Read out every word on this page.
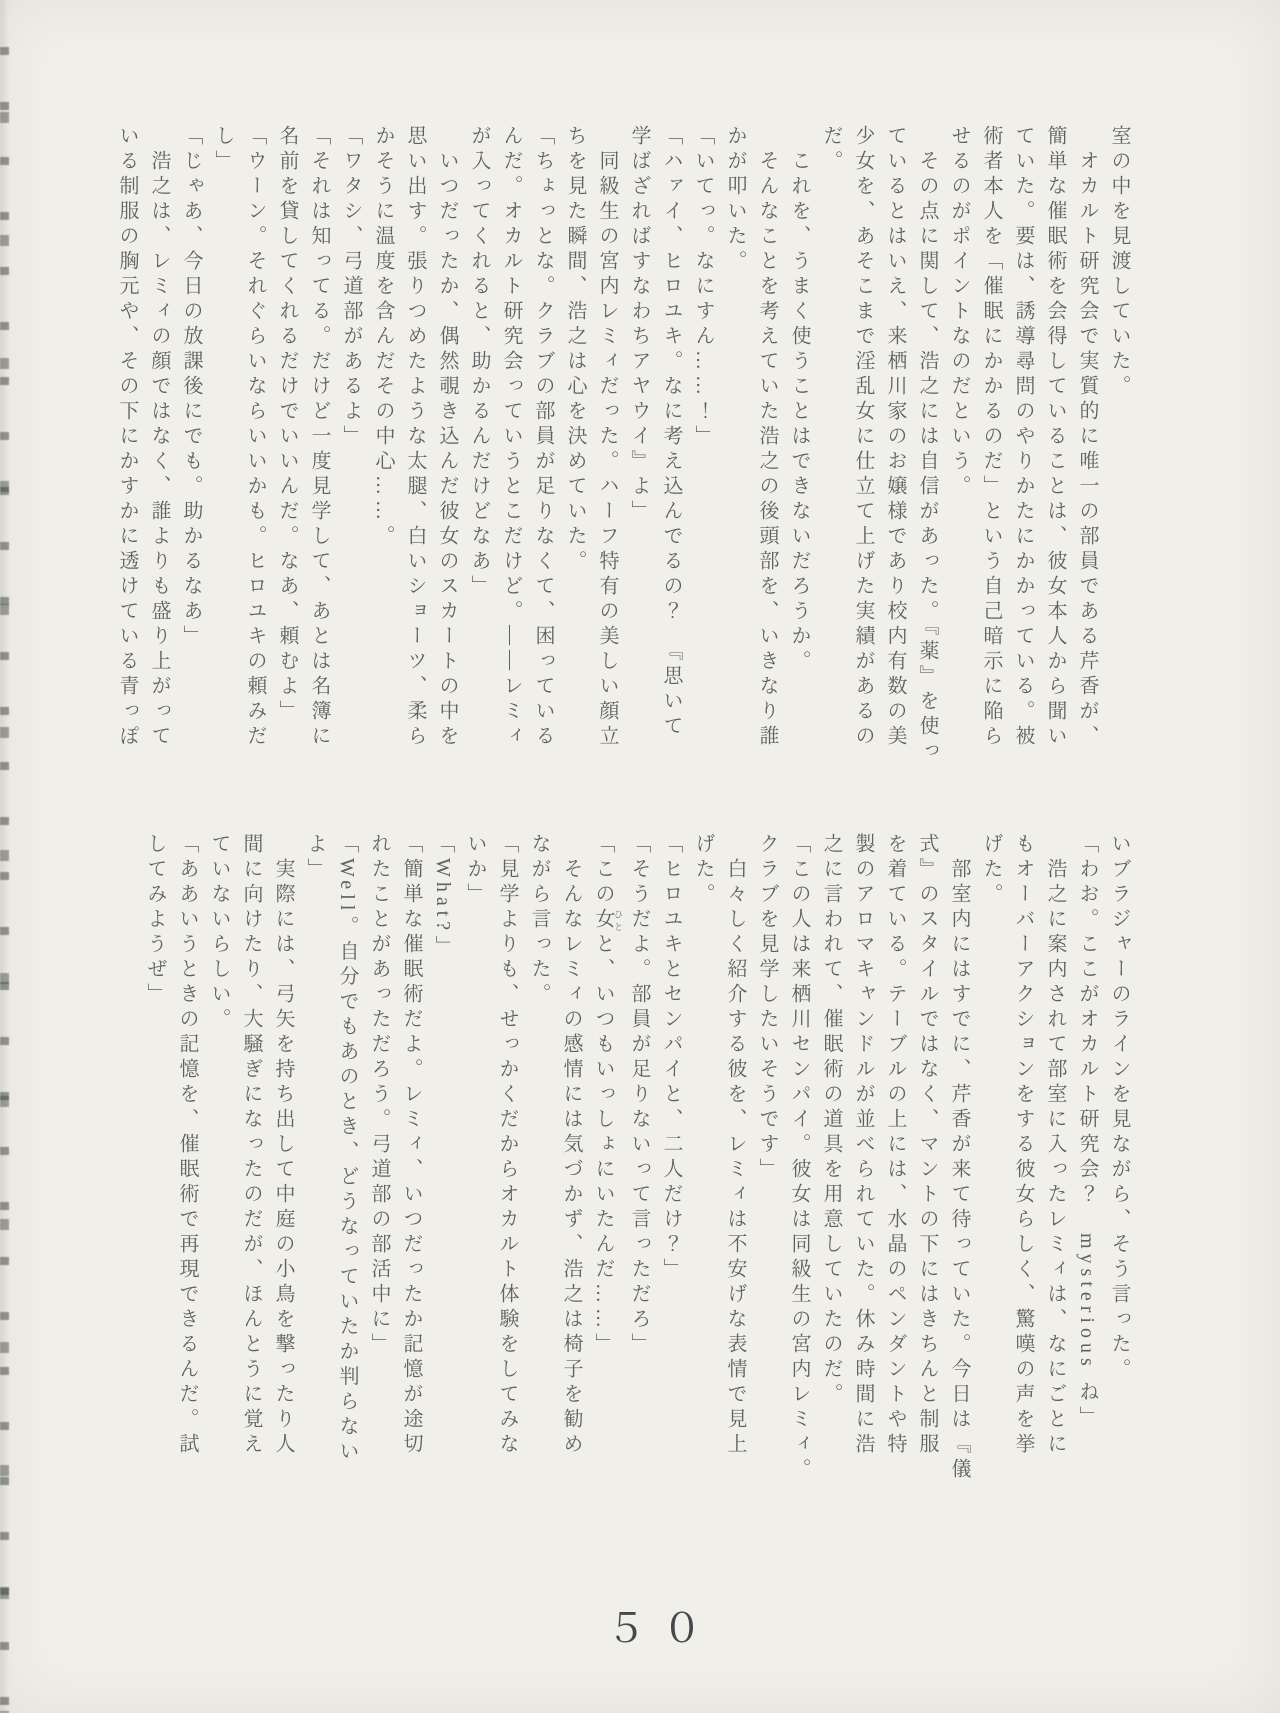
室の中を見渡していた。
　オカルト研究会で実質的に唯一の部員である芹香が、
簡単な催眠術を会得していることは、彼女本人から聞い
ていた。要は、誘導尋問のやりかたにかかっている。被
術者本人を「催眠にかかるのだ」という自己暗示に陥ら
せるのがポイントなのだという。
　その点に関して、浩之には自信があった。『薬』を使っ
ているとはいえ、来栖川家のお嬢様であり校内有数の美
少女を、あそこまで淫乱女に仕立て上げた実績があるの
だ。
　これを、うまく使うことはできないだろうか。
　そんなことを考えていた浩之の後頭部を、いきなり誰
かが叩いた。
「いてっ。なにすん……！」
「ハァイ、ヒロユキ。なに考え込んでるの？　『思いて
学ばざればすなわちアヤウイ』よ」
　同級生の宮内レミィだった。ハーフ特有の美しい顔立
ちを見た瞬間、浩之は心を決めていた。
「ちょっとな。クラブの部員が足りなくて、困っている
んだ。オカルト研究会っていうとこだけど。――レミィ
が入ってくれると、助かるんだけどなあ」
　いつだったか、偶然覗き込んだ彼女のスカートの中を
思い出す。張りつめたような太腿、白いショーツ、柔ら
かそうに温度を含んだその中心……。
「ワタシ、弓道部があるよ」
「それは知ってる。だけど一度見学して、あとは名簿に
名前を貸してくれるだけでいいんだ。なあ、頼むよ」
「ウーン。それぐらいならいいかも。ヒロユキの頼みだ
し」
「じゃあ、今日の放課後にでも。助かるなあ」
　浩之は、レミィの顔ではなく、誰よりも盛り上がって
いる制服の胸元や、その下にかすかに透けている青っぽ
いブラジャーのラインを見ながら、そう言った。
「わお。ここがオカルト研究会？　mysterious ね」
　浩之に案内されて部室に入ったレミィは、なにごとに
もオーバーアクションをする彼女らしく、驚嘆の声を挙
げた。
　部室内にはすでに、芹香が来て待っていた。今日は『儀
式』のスタイルではなく、マントの下にはきちんと制服
を着ている。テーブルの上には、水晶のペンダントや特
製のアロマキャンドルが並べられていた。休み時間に浩
之に言われて、催眠術の道具を用意していたのだ。
「この人は来栖川センパイ。彼女は同級生の宮内レミィ。
クラブを見学したいそうです」
　白々しく紹介する彼を、レミィは不安げな表情で見上
げた。
「ヒロユキとセンパイと、二人だけ？」
「そうだよ。部員が足りないって言っただろ」
「この女 ひとと、いつもいっしょにいたんだ……」
　そんなレミィの感情には気づかず、浩之は椅子を勧め
ながら言った。
「見学よりも、せっかくだからオカルト体験をしてみな
いか」
「What?」
「簡単な催眠術だよ。レミィ、いつだったか記憶が途切
れたことがあっただろう。弓道部の部活中に」
「Well。自分でもあのとき、どうなっていたか判らない
よ」
　実際には、弓矢を持ち出して中庭の小鳥を撃ったり人
間に向けたり、大騒ぎになったのだが、ほんとうに覚え
ていないらしい。
「ああいうときの記憶を、催眠術で再現できるんだ。試
してみようぜ」
５０
